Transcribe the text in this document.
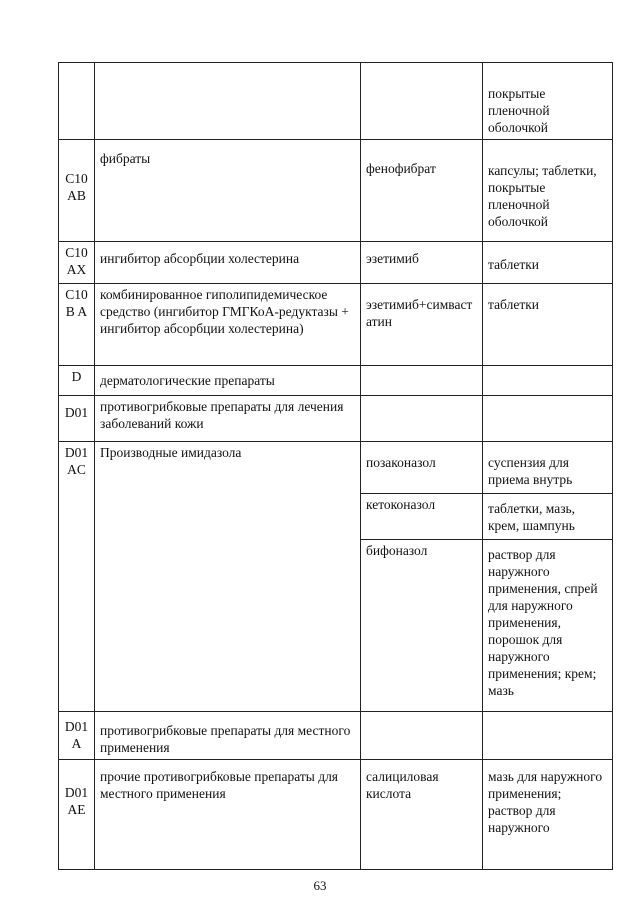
			покрытые пленочной оболочкой
C10 AB	фибраты	фенофибрат	капсулы; таблетки, покрытые пленочной оболочкой
C10 AX	ингибитор абсорбции холестерина	эзетимиб	таблетки
C10B A	комбинированное гиполипидемическое средство (ингибитор ГМГКоА-редуктазы + ингибитор абсорбции холестерина)	эзетимиб+симвастатин	таблетки
D	дерматологические препараты		
D01	противогрибковые препараты для лечения заболеваний кожи		
D01 AC	Производные имидазола	позаконазол	суспензия для приема внутрь
		кетоконазол	таблетки, мазь, крем, шампунь
		бифоназол	раствор для наружного применения, спрей для наружного применения, порошок для наружного применения; крем; мазь
D01 A	противогрибковые препараты для местного применения		
D01 AE	прочие противогрибковые препараты для местного применения	салициловая кислота	мазь для наружного применения; раствор для наружного
63
